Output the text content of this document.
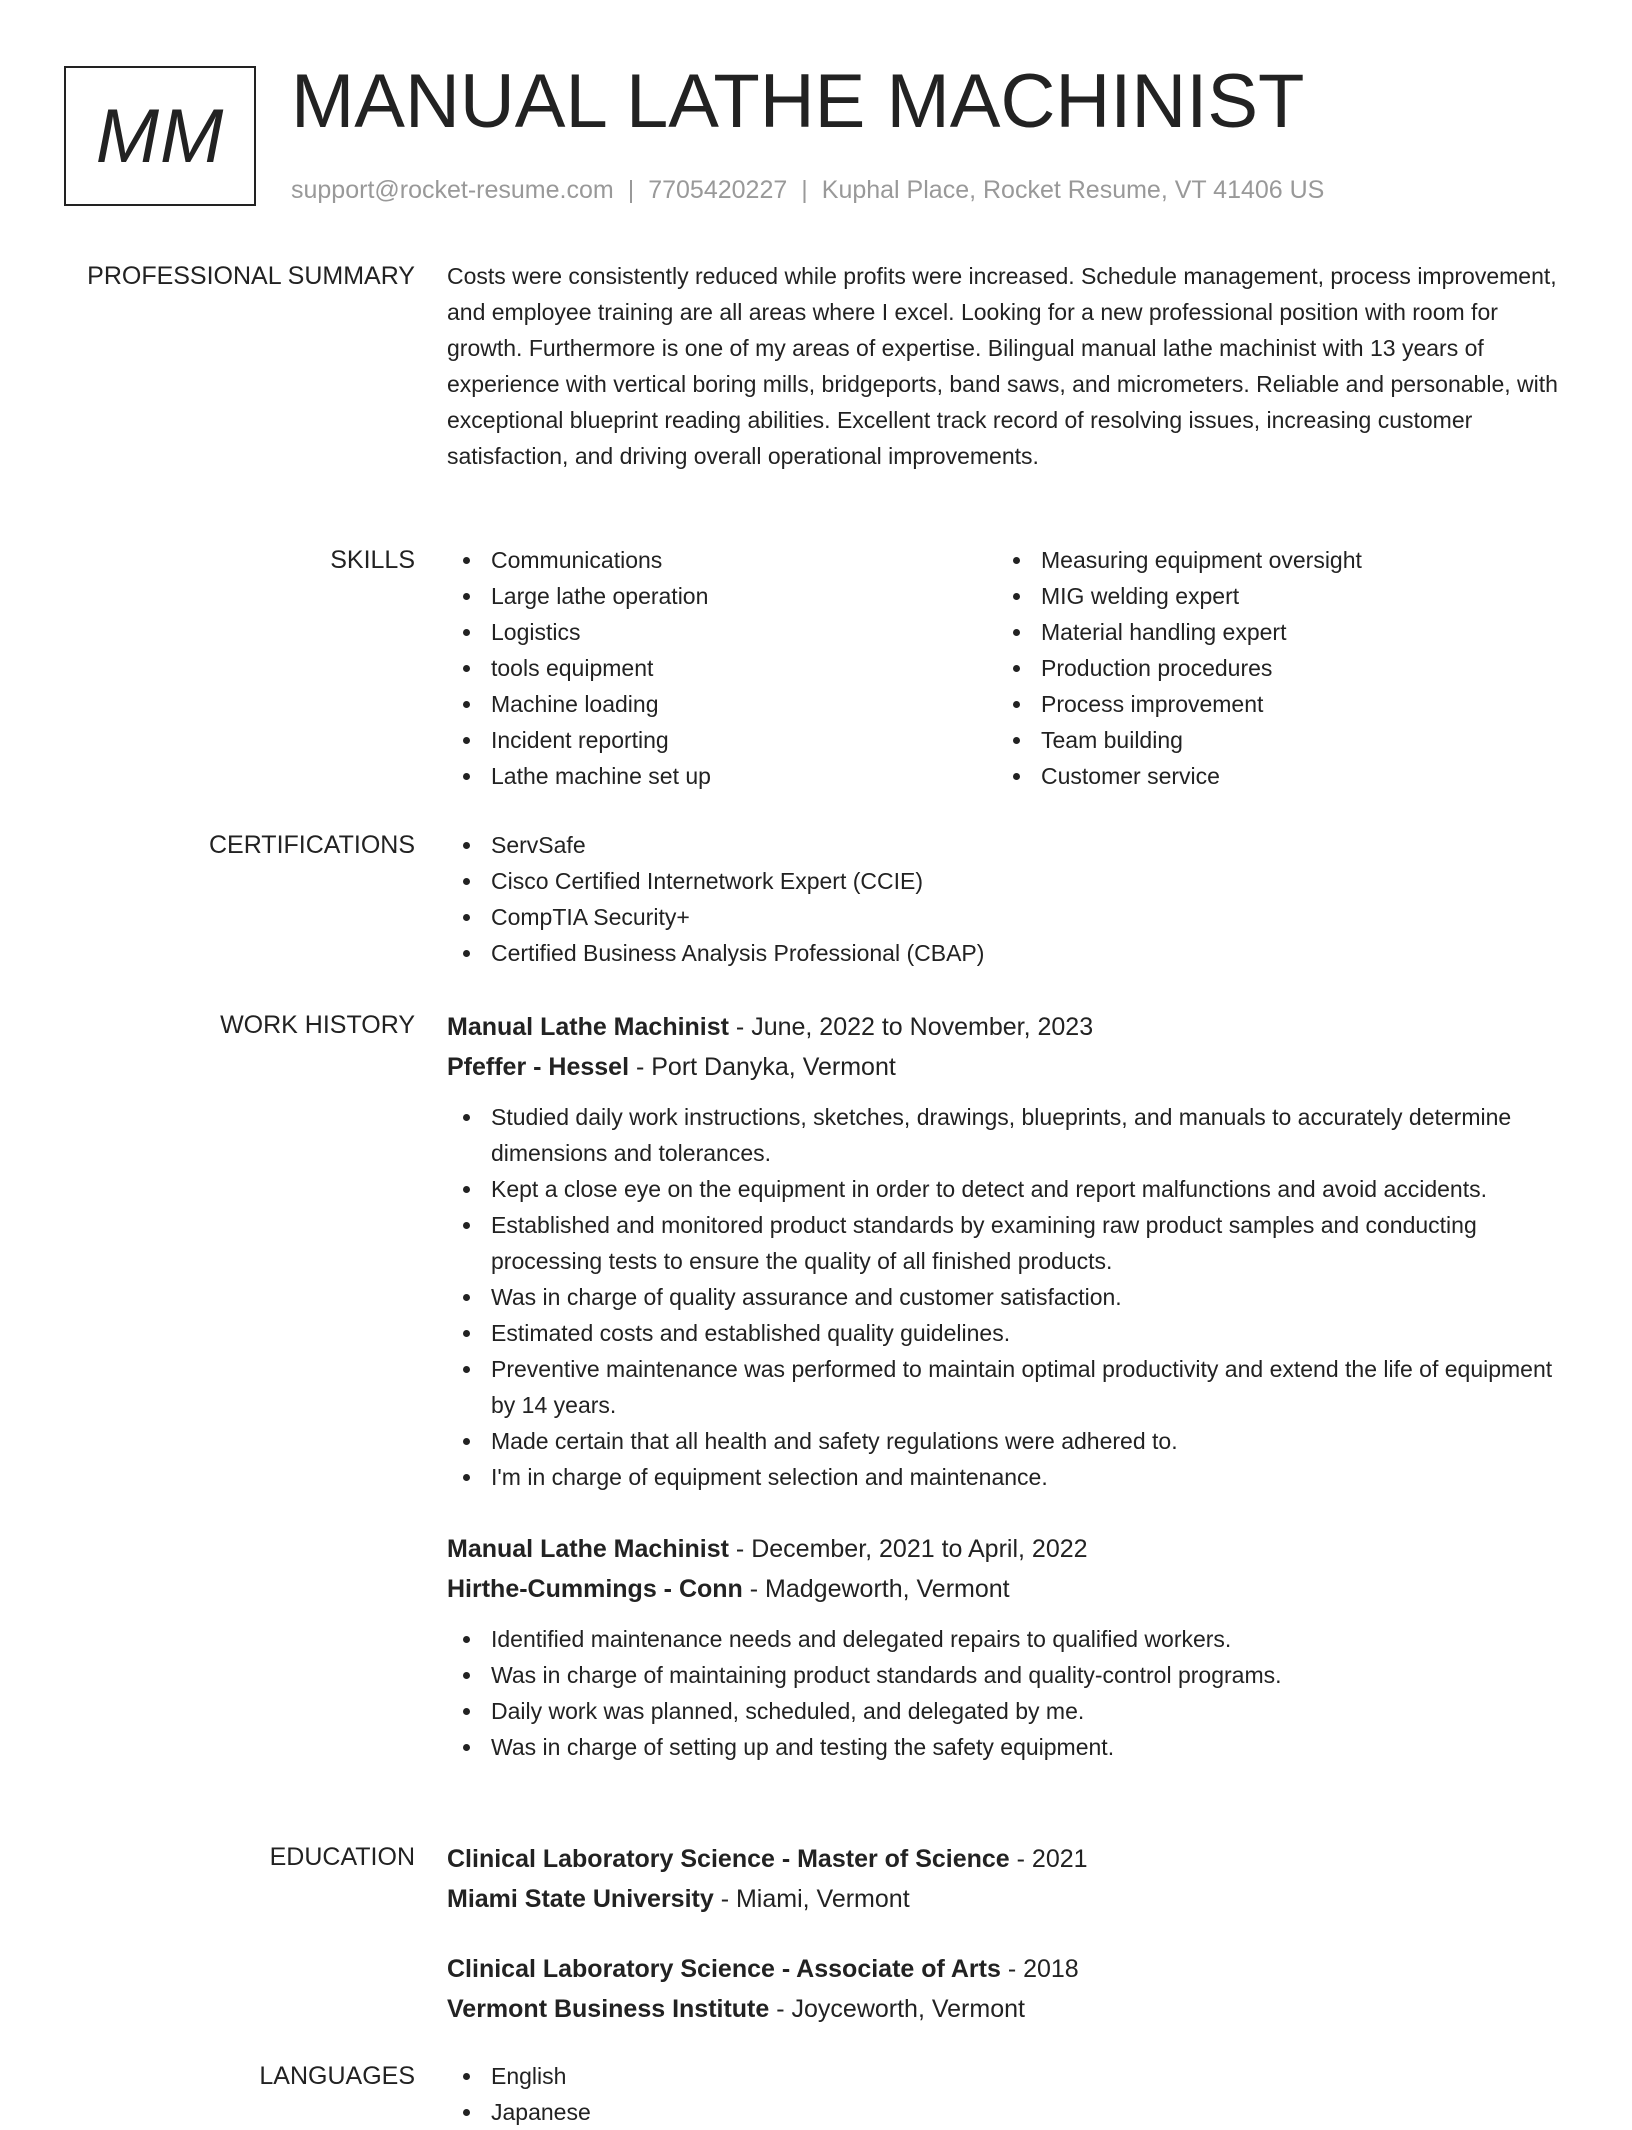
MM MANUAL LATHE MACHINIST
support@rocket-resume.com | 7705420227 | Kuphal Place, Rocket Resume, VT 41406 US
PROFESSIONAL SUMMARY Costs were consistently reduced while profits were increased. Schedule management, process improvement, and employee training are all areas where I excel. Looking for a new professional position with room for growth. Furthermore is one of my areas of expertise. Bilingual manual lathe machinist with 13 years of experience with vertical boring mills, bridgeports, band saws, and micrometers. Reliable and personable, with exceptional blueprint reading abilities. Excellent track record of resolving issues, increasing customer satisfaction, and driving overall operational improvements.

SKILLS	Communications
Large lathe operation
Logistics
tools equipment
Machine loading
Incident reporting
Lathe machine set up
Measuring equipment oversight
MIG welding expert
Material handling expert
Production procedures
Process improvement
Team building
Customer service
CERTIFICATIONS	ServSafe
Cisco Certified Internetwork Expert (CCIE)
CompTIA Security+
Certified Business Analysis Professional (CBAP)
WORK HISTORY Manual Lathe Machinist - June, 2022 to November, 2023
Pfeffer - Hessel - Port Danyka, Vermont
Studied daily work instructions, sketches, drawings, blueprints, and manuals to accurately determine dimensions and tolerances.
Kept a close eye on the equipment in order to detect and report malfunctions and avoid accidents.
Established and monitored product standards by examining raw product samples and conducting processing tests to ensure the quality of all finished products.
Was in charge of quality assurance and customer satisfaction.
Estimated costs and established quality guidelines.
Preventive maintenance was performed to maintain optimal productivity and extend the life of equipment by 14 years.
Made certain that all health and safety regulations were adhered to.
I'm in charge of equipment selection and maintenance.
Manual Lathe Machinist - December, 2021 to April, 2022
Hirthe-Cummings - Conn - Madgeworth, Vermont
Identified maintenance needs and delegated repairs to qualified workers.
Was in charge of maintaining product standards and quality-control programs.
Daily work was planned, scheduled, and delegated by me.
Was in charge of setting up and testing the safety equipment.
EDUCATION Clinical Laboratory Science - Master of Science - 2021
Miami State University - Miami, Vermont
Clinical Laboratory Science - Associate of Arts - 2018
Vermont Business Institute - Joyceworth, Vermont
LANGUAGES	English
Japanese
